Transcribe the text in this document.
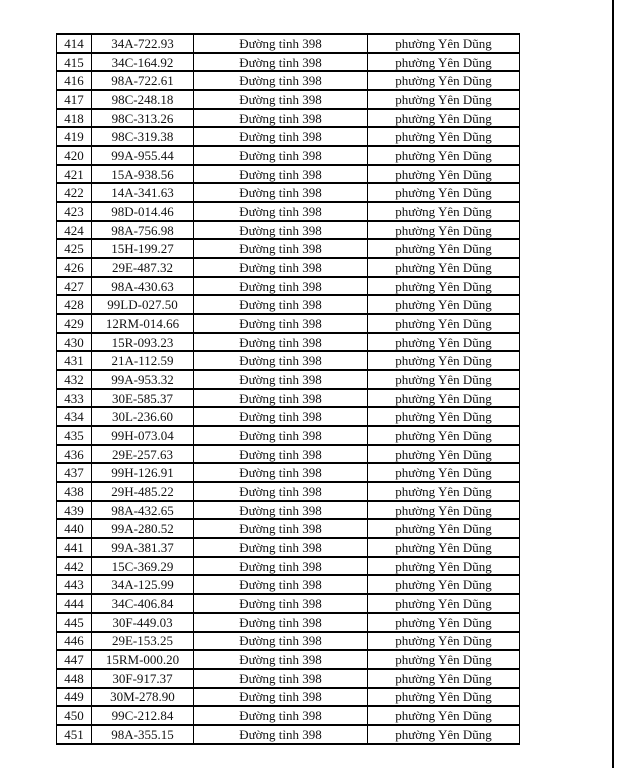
414	34A-722.93	Đường tỉnh 398	phường Yên Dũng
415	34C-164.92	Đường tỉnh 398	phường Yên Dũng
416	98A-722.61	Đường tỉnh 398	phường Yên Dũng
417	98C-248.18	Đường tỉnh 398	phường Yên Dũng
418	98C-313.26	Đường tỉnh 398	phường Yên Dũng
419	98C-319.38	Đường tỉnh 398	phường Yên Dũng
420	99A-955.44	Đường tỉnh 398	phường Yên Dũng
421	15A-938.56	Đường tỉnh 398	phường Yên Dũng
422	14A-341.63	Đường tỉnh 398	phường Yên Dũng
423	98D-014.46	Đường tỉnh 398	phường Yên Dũng
424	98A-756.98	Đường tỉnh 398	phường Yên Dũng
425	15H-199.27	Đường tỉnh 398	phường Yên Dũng
426	29E-487.32	Đường tỉnh 398	phường Yên Dũng
427	98A-430.63	Đường tỉnh 398	phường Yên Dũng
428	99LD-027.50	Đường tỉnh 398	phường Yên Dũng
429	12RM-014.66	Đường tỉnh 398	phường Yên Dũng
430	15R-093.23	Đường tỉnh 398	phường Yên Dũng
431	21A-112.59	Đường tỉnh 398	phường Yên Dũng
432	99A-953.32	Đường tỉnh 398	phường Yên Dũng
433	30E-585.37	Đường tỉnh 398	phường Yên Dũng
434	30L-236.60	Đường tỉnh 398	phường Yên Dũng
435	99H-073.04	Đường tỉnh 398	phường Yên Dũng
436	29E-257.63	Đường tỉnh 398	phường Yên Dũng
437	99H-126.91	Đường tỉnh 398	phường Yên Dũng
438	29H-485.22	Đường tỉnh 398	phường Yên Dũng
439	98A-432.65	Đường tỉnh 398	phường Yên Dũng
440	99A-280.52	Đường tỉnh 398	phường Yên Dũng
441	99A-381.37	Đường tỉnh 398	phường Yên Dũng
442	15C-369.29	Đường tỉnh 398	phường Yên Dũng
443	34A-125.99	Đường tỉnh 398	phường Yên Dũng
444	34C-406.84	Đường tỉnh 398	phường Yên Dũng
445	30F-449.03	Đường tỉnh 398	phường Yên Dũng
446	29E-153.25	Đường tỉnh 398	phường Yên Dũng
447	15RM-000.20	Đường tỉnh 398	phường Yên Dũng
448	30F-917.37	Đường tỉnh 398	phường Yên Dũng
449	30M-278.90	Đường tỉnh 398	phường Yên Dũng
450	99C-212.84	Đường tỉnh 398	phường Yên Dũng
451	98A-355.15	Đường tỉnh 398	phường Yên Dũng
